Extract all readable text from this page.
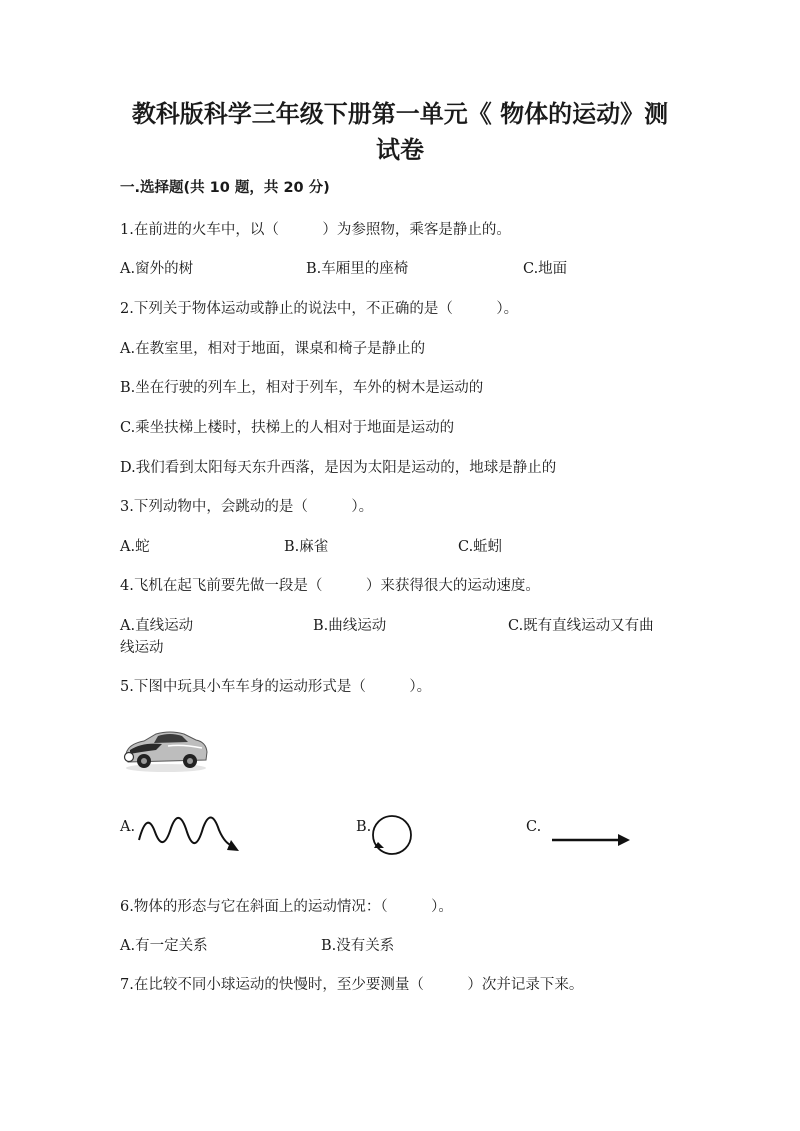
教科版科学三年级下册第一单元《 物体的运动》测
试卷
一.选择题(共 10 题，共 20 分)
1.在前进的火车中，以（　　　）为参照物，乘客是静止的。
A.窗外的树	B.车厢里的座椅	C.地面
2.下列关于物体运动或静止的说法中，不正确的是（　　　）。
A.在教室里，相对于地面，课桌和椅子是静止的
B.坐在行驶的列车上，相对于列车，车外的树木是运动的
C.乘坐扶梯上楼时，扶梯上的人相对于地面是运动的
D.我们看到太阳每天东升西落，是因为太阳是运动的，地球是静止的
3.下列动物中，会跳动的是（　　　）。
A.蛇	B.麻雀	C.蚯蚓
4.飞机在起飞前要先做一段是（　　　）来获得很大的运动速度。
A.直线运动	B.曲线运动	C.既有直线运动又有曲
线运动
5.下图中玩具小车车身的运动形式是（　　　）。
A.	B.	C.
6.物体的形态与它在斜面上的运动情况：（　　　）。
A.有一定关系	B.没有关系
7.在比较不同小球运动的快慢时，至少要测量（　　　）次并记录下来。
